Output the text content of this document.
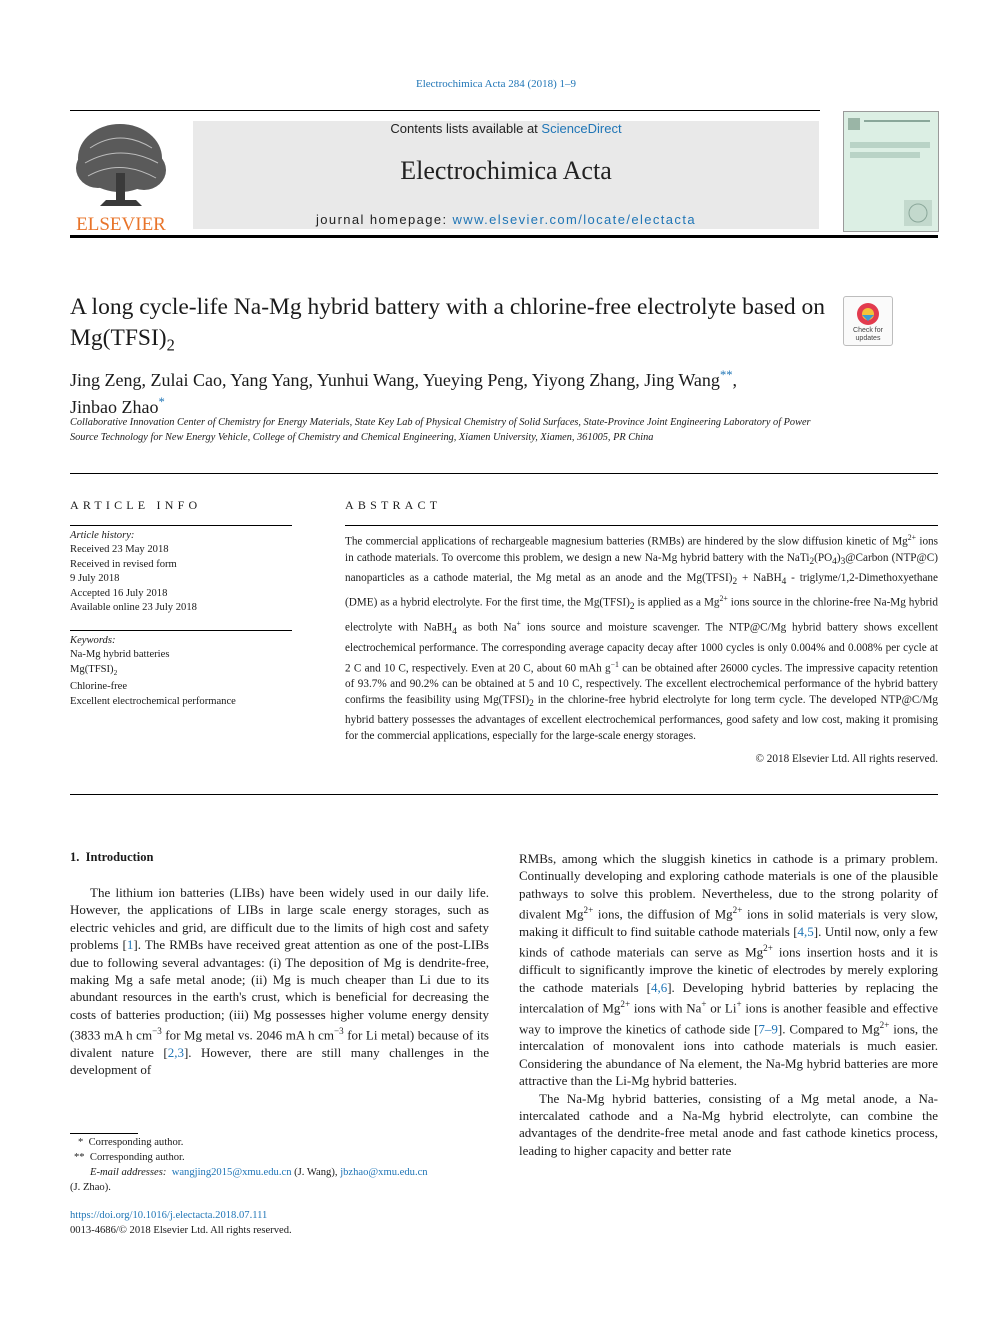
Electrochimica Acta 284 (2018) 1–9
ELSEVIER
Contents lists available at ScienceDirect
Electrochimica Acta
journal homepage: www.elsevier.com/locate/electacta
A long cycle-life Na-Mg hybrid battery with a chlorine-free electrolyte based on $Mg(TFSI)_2$
Check for
updates
Jing Zeng, Zulai Cao, Yang Yang, Yunhui Wang, Yueying Peng, Yiyong Zhang, Jing Wang**,
Jinbao Zhao*
Collaborative Innovation Center of Chemistry for Energy Materials, State Key Lab of Physical Chemistry of Solid Surfaces, State-Province Joint Engineering Laboratory of Power Source Technology for New Energy Vehicle, College of Chemistry and Chemical Engineering, Xiamen University, Xiamen, 361005, PR China
ARTICLE INFO
Article history:
Received 23 May 2018
Received in revised form
9 July 2018
Accepted 16 July 2018
Available online 23 July 2018
Keywords:
Na-Mg hybrid batteries
$Mg(TFSI)_2$
Chlorine-free
Excellent electrochemical performance
ABSTRACT
The commercial applications of rechargeable magnesium batteries (RMBs) are hindered by the slow diffusion kinetic of $Mg^{2+}$ ions in cathode materials. To overcome this problem, we design a new Na-Mg hybrid battery with the $NaTi_2(PO_4)_3@Carbon$ (NTP@C) nanoparticles as a cathode material, the Mg metal as an anode and the $Mg(TFSI)_2$ + NaBH$_4$ - triglyme/1,2-Dimethoxyethane (DME) as a hybrid electrolyte. For the first time, the $Mg(TFSI)_2$ is applied as a $Mg^{2+}$ ions source in the chlorine-free Na-Mg hybrid electrolyte with NaBH$_4$ as both Na+ ions source and moisture scavenger. The NTP@C/Mg hybrid battery shows excellent electrochemical performance. The corresponding average capacity decay after 1000 cycles is only 0.004% and 0.008% per cycle at 2 C and 10 C, respectively. Even at 20 C, about 60 mAh $g^{-1}$ can be obtained after 26000 cycles. The impressive capacity retention of 93.7% and 90.2% can be obtained at 5 and 10 C, respectively. The excellent electrochemical performance of the hybrid battery confirms the feasibility using $Mg(TFSI)_2$ in the chlorine-free hybrid electrolyte for long term cycle. The developed NTP@C/Mg hybrid battery possesses the advantages of excellent electrochemical performances, good safety and low cost, making it promising for the commercial applications, especially for the large-scale energy storages.
© 2018 Elsevier Ltd. All rights reserved.
1. Introduction

The lithium ion batteries (LIBs) have been widely used in our daily life. However, the applications of LIBs in large scale energy storages, such as electric vehicles and grid, are difficult due to the limits of high cost and safety problems [1]. The RMBs have received great attention as one of the post-LIBs due to following several advantages: (i) The deposition of Mg is dendrite-free, making Mg a safe metal anode; (ii) Mg is much cheaper than Li due to its abundant resources in the earth's crust, which is beneficial for decreasing the costs of batteries production; (iii) Mg possesses higher volume energy density (3833 mA h $cm^{-3}$ for Mg metal vs. 2046 mA h $cm^{-3}$ for Li metal) because of its divalent nature [2,3]. However, there are still many challenges in the development of

RMBs, among which the sluggish kinetics in cathode is a primary problem. Continually developing and exploring cathode materials is one of the plausible pathways to solve this problem. Nevertheless, due to the strong polarity of divalent $Mg^{2+}$ ions, the diffusion of $Mg^{2+}$ ions in solid materials is very slow, making it difficult to find suitable cathode materials [4,5]. Until now, only a few kinds of cathode materials can serve as $Mg^{2+}$ ions insertion hosts and it is difficult to significantly improve the kinetic of electrodes by merely exploring the cathode materials [4,6]. Developing hybrid batteries by replacing the intercalation of $Mg^{2+}$ ions with Na+ or Li+ ions is another feasible and effective way to improve the kinetics of cathode side [7–9]. Compared to $Mg^{2+}$ ions, the intercalation of monovalent ions into cathode materials is much easier. Considering the abundance of Na element, the Na-Mg hybrid batteries are more attractive than the Li-Mg hybrid batteries.

The Na-Mg hybrid batteries, consisting of a Mg metal anode, a Na-intercalated cathode and a Na-Mg hybrid electrolyte, can combine the advantages of the dendrite-free metal anode and fast cathode kinetics process, leading to higher capacity and better rate

* Corresponding author.
** Corresponding author.
E-mail addresses: wangjing2015@xmu.edu.cn (J. Wang), jbzhao@xmu.edu.cn
(J. Zhao).
https://doi.org/10.1016/j.electacta.2018.07.111
0013-4686/© 2018 Elsevier Ltd. All rights reserved.
